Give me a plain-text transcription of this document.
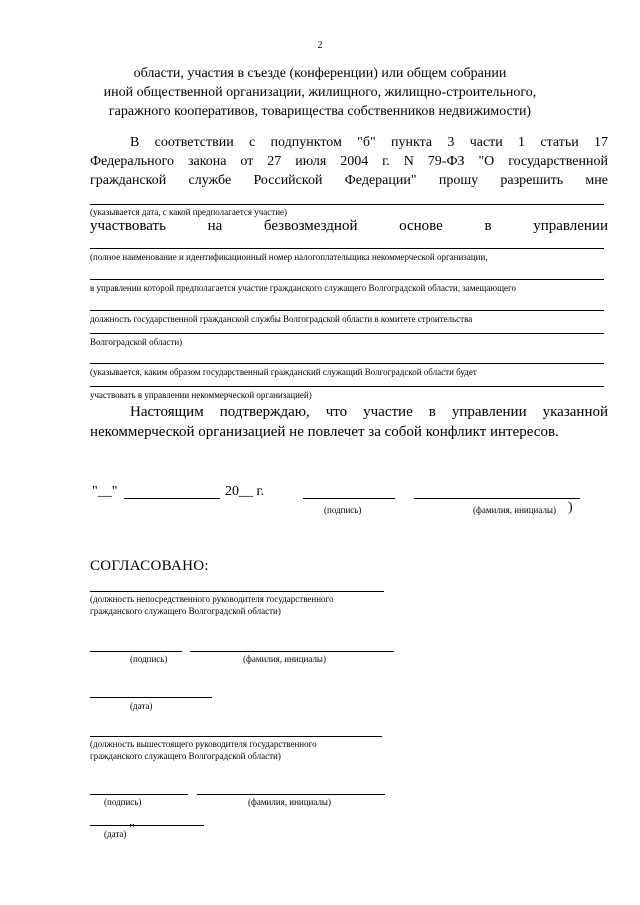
2
области, участия в съезде (конференции) или общем собрании
иной общественной организации, жилищного, жилищно-строительного,
гаражного кооперативов, товарищества собственников недвижимости)
В соответствии с подпунктом "б" пункта 3 части 1 статьи 17
Федерального закона от 27 июля 2004 г. N 79-ФЗ "О государственной
гражданской службе Российской Федерации" прошу разрешить мне
(указывается дата, с какой предполагается участие)
участвовать на безвозмездной основе в управлении
(полное наименование и идентификационный номер налогоплательщика некоммерческой организации,
в управлении которой предполагается участие гражданского служащего Волгоградской области, замещающего
должность государственной гражданской службы Волгоградской области в комитете строительства
Волгоградской области)
(указывается, каким образом государственный гражданский служащий Волгоградской области будет
участвовать в управлении некоммерческой организацией)
Настоящим подтверждаю, что участие в управлении указанной
некоммерческой организацией не повлечет за собой конфликт интересов.
"__"	20__ г.
(подпись)	(фамилия, инициалы) )
СОГЛАСОВАНО:
(должность непосредственного руководителя государственного
гражданского служащего Волгоградской области)
(подпись)	(фамилия, инициалы)
(дата)
(должность вышестоящего руководителя государственного
гражданского служащего Волгоградской области)
(подпись)	(фамилия, инициалы)
(дата) "
